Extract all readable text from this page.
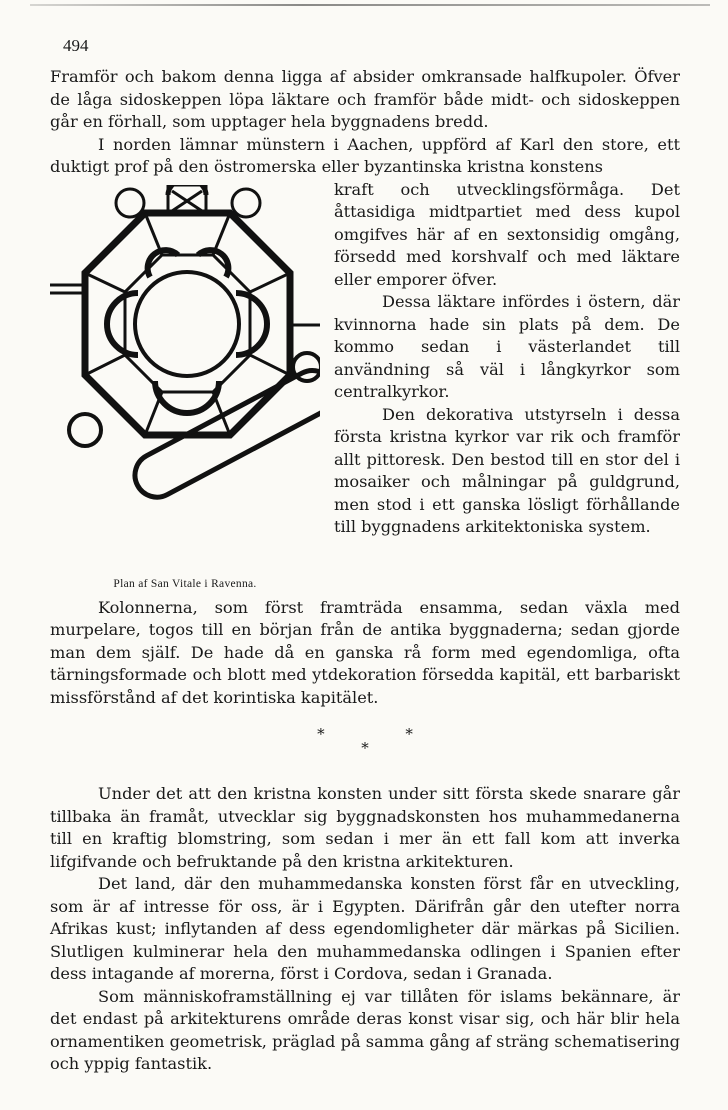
494

Framför och bakom denna ligga af absider omkransade halfkupoler. Öfver de låga sidoskeppen löpa läktare och framför både midt- och sidoskeppen går en förhall, som upptager hela byggnadens bredd.

I norden lämnar münstern i Aachen, uppförd af Karl den store, ett duktigt prof på den östromerska eller byzantinska kristna konstens

Plan af San Vitale i Ravenna.

kraft och utvecklingsförmåga. Det åttasidiga midtpartiet med dess kupol omgifves här af en sextonsidig omgång, försedd med korshvalf och med läktare eller emporer öfver.

Dessa läktare infördes i östern, där kvinnorna hade sin plats på dem. De kommo sedan i västerlandet till användning så väl i långkyrkor som centralkyrkor.

Den dekorativa utstyrseln i dessa första kristna kyrkor var rik och framför allt pittoresk. Den bestod till en stor del i mosaiker och målningar på guldgrund, men stod i ett ganska lösligt förhållande till byggnadens arkitektoniska system.

Kolonnerna, som först framträda ensamma, sedan växla med murpelare, togos till en början från de antika byggnaderna; sedan gjorde man dem själf. De hade då en ganska rå form med egendomliga, ofta tärningsformade och blott med ytdekoration försedda kapitäl, ett barbariskt missförstånd af det korintiska kapitälet.

*	*
*

Under det att den kristna konsten under sitt första skede snarare går tillbaka än framåt, utvecklar sig byggnadskonsten hos muhammedanerna till en kraftig blomstring, som sedan i mer än ett fall kom att inverka lifgifvande och befruktande på den kristna arkitekturen.

Det land, där den muhammedanska konsten först får en utveckling, som är af intresse för oss, är i Egypten. Därifrån går den utefter norra Afrikas kust; inflytanden af dess egendomligheter där märkas på Sicilien. Slutligen kulminerar hela den muhammedanska odlingen i Spanien efter dess intagande af morerna, först i Cordova, sedan i Granada.

Som människoframställning ej var tillåten för islams bekännare, är det endast på arkitekturens område deras konst visar sig, och här blir hela ornamentiken geometrisk, präglad på samma gång af sträng schematisering och yppig fantastik.
